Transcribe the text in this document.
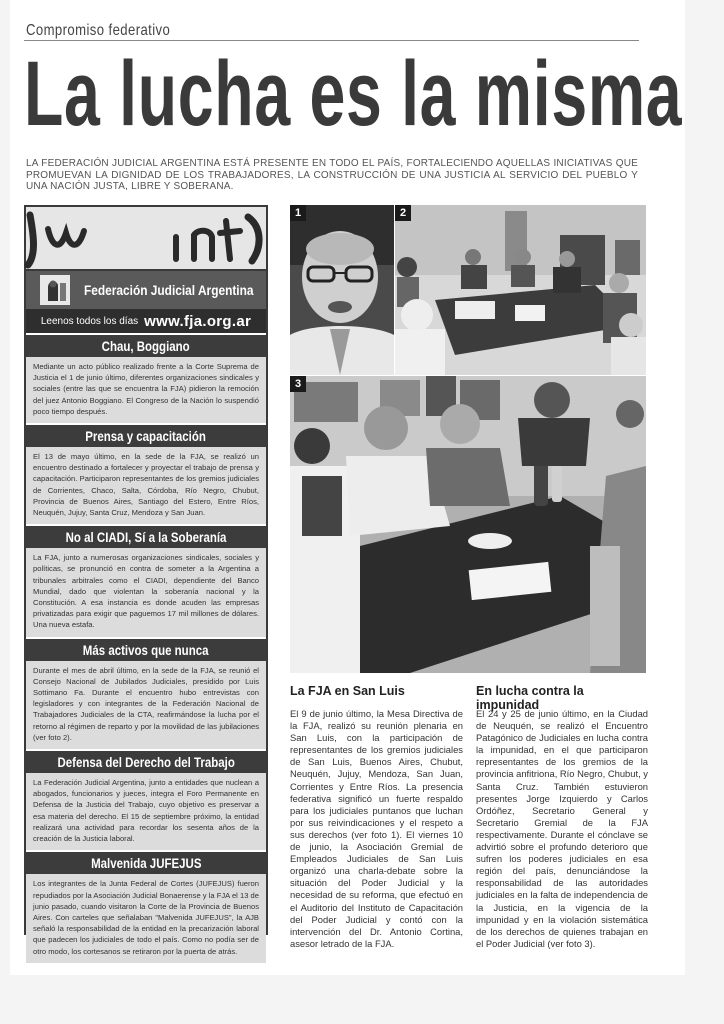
Compromiso federativo
La lucha es la misma
LA FEDERACIÓN JUDICIAL ARGENTINA ESTÁ PRESENTE EN TODO EL PAÍS, FORTALECIENDO AQUELLAS INICIATIVAS QUE PROMUEVAN LA DIGNIDAD DE LOS TRABAJADORES, LA CONSTRUCCIÓN DE UNA JUSTICIA AL SERVICIO DEL PUEBLO Y UNA NACIÓN JUSTA, LIBRE Y SOBERANA.
Federación Judicial Argentina
Leenos todos los días www.fja.org.ar
Chau, Boggiano
Mediante un acto público realizado frente a la Corte Suprema de Justicia el 1 de junio último, diferentes organizaciones sindicales y sociales (entre las que se encuentra la FJA) pidieron la remoción del juez Antonio Boggiano. El Congreso de la Nación lo suspendió poco tiempo después.
Prensa y capacitación
El 13 de mayo último, en la sede de la FJA, se realizó un encuentro destinado a fortalecer y proyectar el trabajo de prensa y capacitación. Participaron representantes de los gremios judiciales de Corrientes, Chaco, Salta, Córdoba, Río Negro, Chubut, Provincia de Buenos Aires, Santiago del Estero, Entre Ríos, Neuquén, Jujuy, Santa Cruz, Mendoza y San Juan.
No al CIADI, Sí a la Soberanía
La FJA, junto a numerosas organizaciones sindicales, sociales y políticas, se pronunció en contra de someter a la Argentina a tribunales arbitrales como el CIADI, dependiente del Banco Mundial, dado que violentan la soberanía nacional y la Constitución. A esa instancia es donde acuden las empresas privatizadas para exigir que paguemos 17 mil millones de dólares. Una nueva estafa.
Más activos que nunca
Durante el mes de abril último, en la sede de la FJA, se reunió el Consejo Nacional de Jubilados Judiciales, presidido por Luis Sottimano Fa. Durante el encuentro hubo entrevistas con legisladores y con integrantes de la Federación Nacional de Trabajadores Judiciales de la CTA, reafirmándose la lucha por el retorno al régimen de reparto y por la movilidad de las jubilaciones (ver foto 2).
Defensa del Derecho del Trabajo
La Federación Judicial Argentina, junto a entidades que nuclean a abogados, funcionarios y jueces, integra el Foro Permanente en Defensa de la Justicia del Trabajo, cuyo objetivo es preservar a esa materia del derecho. El 15 de septiembre próximo, la entidad realizará una actividad para recordar los sesenta años de la creación de la Justicia laboral.
Malvenida JUFEJUS
Los integrantes de la Junta Federal de Cortes (JUFEJUS) fueron repudiados por la Asociación Judicial Bonaerense y la FJA el 13 de junio pasado, cuando visitaron la Corte de la Provincia de Buenos Aires. Con carteles que señalaban "Malvenida JUFEJUS", la AJB señaló la responsabilidad de la entidad en la precarización laboral que padecen los judiciales de todo el país. Como no podía ser de otro modo, los cortesanos se retiraron por la puerta de atrás.
1	2
3
La FJA en San Luis
El 9 de junio último, la Mesa Directiva de la FJA, realizó su reunión plenaria en San Luis, con la participación de representantes de los gremios judiciales de San Luis, Buenos Aires, Chubut, Neuquén, Jujuy, Mendoza, San Juan, Corrientes y Entre Ríos. La presencia federativa significó un fuerte respaldo para los judiciales puntanos que luchan por sus reivindicaciones y el respeto a sus derechos (ver foto 1). El viernes 10 de junio, la Asociación Gremial de Empleados Judiciales de San Luis organizó una charla-debate sobre la situación del Poder Judicial y la necesidad de su reforma, que efectuó en el Auditorio del Instituto de Capacitación del Poder Judicial y contó con la intervención del Dr. Antonio Cortina, asesor letrado de la FJA.
En lucha contra la impunidad
El 24 y 25 de junio último, en la Ciudad de Neuquén, se realizó el Encuentro Patagónico de Judiciales en lucha contra la impunidad, en el que participaron representantes de los gremios de la provincia anfitriona, Río Negro, Chubut, y Santa Cruz. También estuvieron presentes Jorge Izquierdo y Carlos Ordóñez, Secretario General y Secretario Gremial de la FJA respectivamente. Durante el cónclave se advirtió sobre el profundo deterioro que sufren los poderes judiciales en esa región del país, denunciándose la responsabilidad de las autoridades judiciales en la falta de independencia de la Justicia, en la vigencia de la impunidad y en la violación sistemática de los derechos de quienes trabajan en el Poder Judicial (ver foto 3).
